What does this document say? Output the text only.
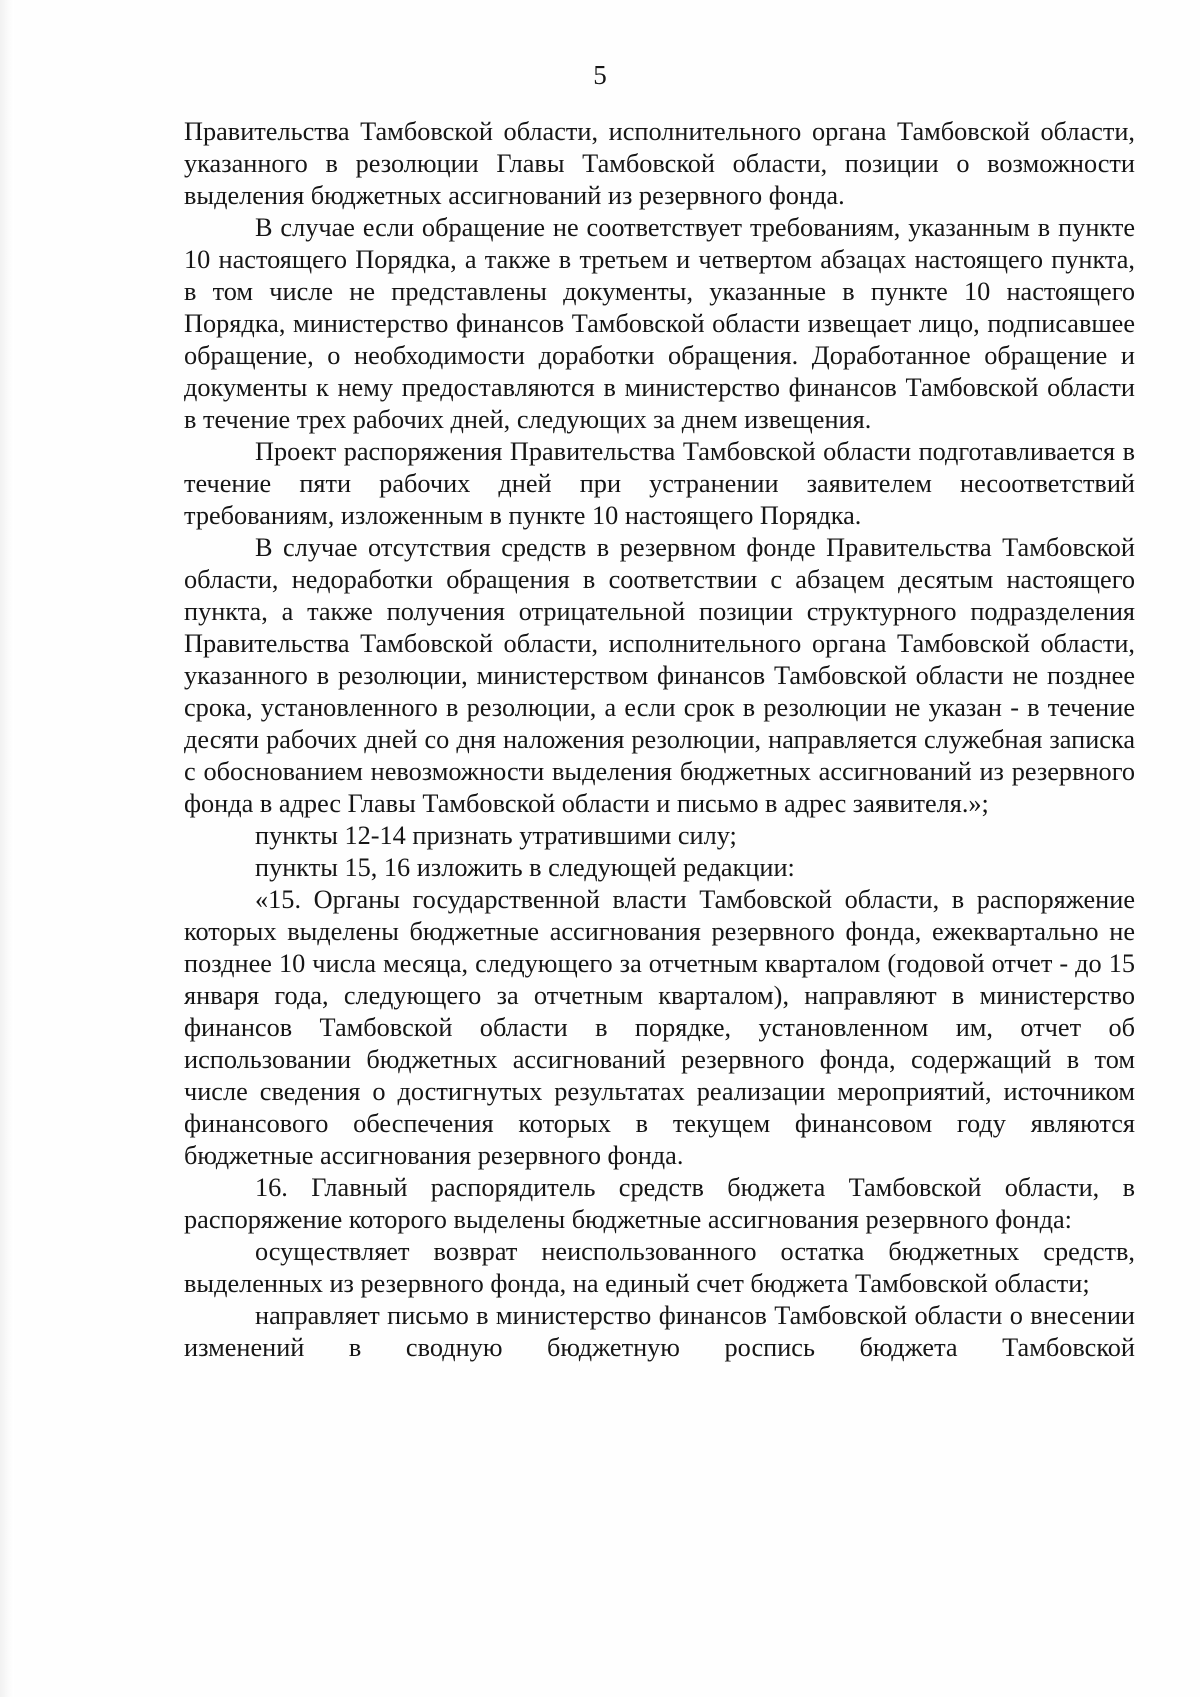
5

Правительства Тамбовской области, исполнительного органа Тамбовской области, указанного в резолюции Главы Тамбовской области, позиции о возможности выделения бюджетных ассигнований из резервного фонда.

В случае если обращение не соответствует требованиям, указанным в пункте 10 настоящего Порядка, а также в третьем и четвертом абзацах настоящего пункта, в том числе не представлены документы, указанные в пункте 10 настоящего Порядка, министерство финансов Тамбовской области извещает лицо, подписавшее обращение, о необходимости доработки обращения. Доработанное обращение и документы к нему предоставляются в министерство финансов Тамбовской области в течение трех рабочих дней, следующих за днем извещения.

Проект распоряжения Правительства Тамбовской области подготавливается в течение пяти рабочих дней при устранении заявителем несоответствий требованиям, изложенным в пункте 10 настоящего Порядка.

В случае отсутствия средств в резервном фонде Правительства Тамбовской области, недоработки обращения в соответствии с абзацем десятым настоящего пункта, а также получения отрицательной позиции структурного подразделения Правительства Тамбовской области, исполнительного органа Тамбовской области, указанного в резолюции, министерством финансов Тамбовской области не позднее срока, установленного в резолюции, а если срок в резолюции не указан - в течение десяти рабочих дней со дня наложения резолюции, направляется служебная записка с обоснованием невозможности выделения бюджетных ассигнований из резервного фонда в адрес Главы Тамбовской области и письмо в адрес заявителя.»;

пункты 12-14 признать утратившими силу;

пункты 15, 16 изложить в следующей редакции:

«15. Органы государственной власти Тамбовской области, в распоряжение которых выделены бюджетные ассигнования резервного фонда, ежеквартально не позднее 10 числа месяца, следующего за отчетным кварталом (годовой отчет - до 15 января года, следующего за отчетным кварталом), направляют в министерство финансов Тамбовской области в порядке, установленном им, отчет об использовании бюджетных ассигнований резервного фонда, содержащий в том числе сведения о достигнутых результатах реализации мероприятий, источником финансового обеспечения которых в текущем финансовом году являются бюджетные ассигнования резервного фонда.

16. Главный распорядитель средств бюджета Тамбовской области, в распоряжение которого выделены бюджетные ассигнования резервного фонда:

осуществляет возврат неиспользованного остатка бюджетных средств, выделенных из резервного фонда, на единый счет бюджета Тамбовской области;

направляет письмо в министерство финансов Тамбовской области о внесении изменений в сводную бюджетную роспись бюджета Тамбовской
